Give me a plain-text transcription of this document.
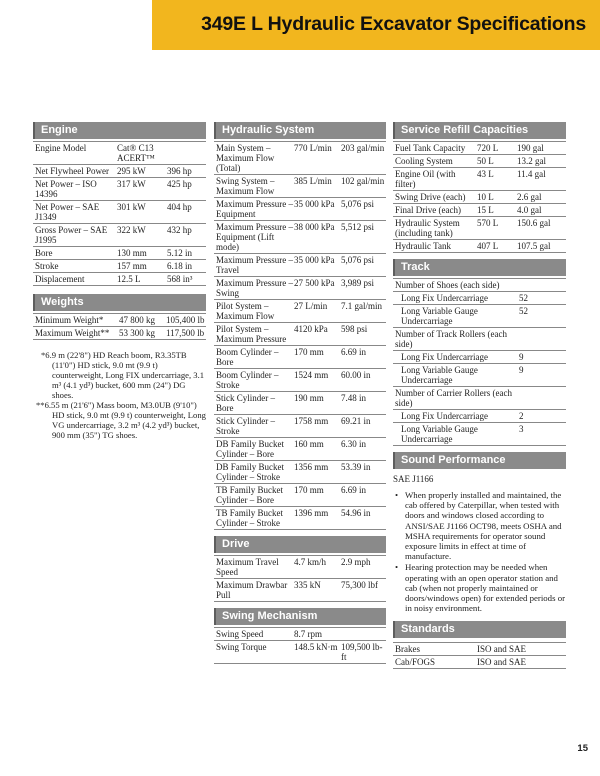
349E L Hydraulic Excavator Specifications
Engine
Engine Model	Cat® C13 ACERT™	
Net Flywheel Power	295 kW	396 hp
Net Power – ISO 14396	317 kW	425 hp
Net Power – SAE J1349	301 kW	404 hp
Gross Power – SAE J1995	322 kW	432 hp
Bore	130 mm	5.12 in
Stroke	157 mm	6.18 in
Displacement	12.5 L	568 in³
Weights
Minimum Weight*	47 800 kg	105,400 lb
Maximum Weight**	53 300 kg	117,500 lb

*6.9 m (22'8") HD Reach boom, R3.35TB (11'0") HD stick, 9.0 mt (9.9 t) counterweight, Long FIX undercarriage, 3.1 m³ (4.1 yd³) bucket, 600 mm (24") DG shoes.

**6.55 m (21'6") Mass boom, M3.0UB (9'10") HD stick, 9.0 mt (9.9 t) counterweight, Long VG undercarriage, 3.2 m³ (4.2 yd³) bucket, 900 mm (35") TG shoes.

Hydraulic System
Main System – Maximum Flow (Total)	770 L/min	203 gal/min
Swing System – Maximum Flow	385 L/min	102 gal/min
Maximum Pressure – Equipment	35 000 kPa	5,076 psi
Maximum Pressure – Equipment (Lift mode)	38 000 kPa	5,512 psi
Maximum Pressure – Travel	35 000 kPa	5,076 psi
Maximum Pressure – Swing	27 500 kPa	3,989 psi
Pilot System – Maximum Flow	27 L/min	7.1 gal/min
Pilot System – Maximum Pressure	4120 kPa	598 psi
Boom Cylinder – Bore	170 mm	6.69 in
Boom Cylinder – Stroke	1524 mm	60.00 in
Stick Cylinder – Bore	190 mm	7.48 in
Stick Cylinder – Stroke	1758 mm	69.21 in
DB Family Bucket Cylinder – Bore	160 mm	6.30 in
DB Family Bucket Cylinder – Stroke	1356 mm	53.39 in
TB Family Bucket Cylinder – Bore	170 mm	6.69 in
TB Family Bucket Cylinder – Stroke	1396 mm	54.96 in
Drive
Maximum Travel Speed	4.7 km/h	2.9 mph
Maximum Drawbar Pull	335 kN	75,300 lbf
Swing Mechanism
Swing Speed	8.7 rpm	
Swing Torque	148.5 kN·m	109,500 lb-ft
Service Refill Capacities
Fuel Tank Capacity	720 L	190 gal
Cooling System	50 L	13.2 gal
Engine Oil (with filter)	43 L	11.4 gal
Swing Drive (each)	10 L	2.6 gal
Final Drive (each)	15 L	4.0 gal
Hydraulic System (including tank)	570 L	150.6 gal
Hydraulic Tank	407 L	107.5 gal
Track
Number of Shoes (each side)	
Long Fix Undercarriage	52
Long Variable Gauge Undercarriage	52
Number of Track Rollers (each side)	
Long Fix Undercarriage	9
Long Variable Gauge Undercarriage	9
Number of Carrier Rollers (each side)	
Long Fix Undercarriage	2
Long Variable Gauge Undercarriage	3
Sound Performance
SAE J1166
• When properly installed and maintained, the cab offered by Caterpillar, when tested with doors and windows closed according to ANSI/SAE J1166 OCT98, meets OSHA and MSHA requirements for operator sound exposure limits in effect at time of manufacture.
• Hearing protection may be needed when operating with an open operator station and cab (when not properly maintained or doors/windows open) for extended periods or in noisy environment.
Standards
Brakes	ISO and SAE
Cab/FOGS	ISO and SAE
15
